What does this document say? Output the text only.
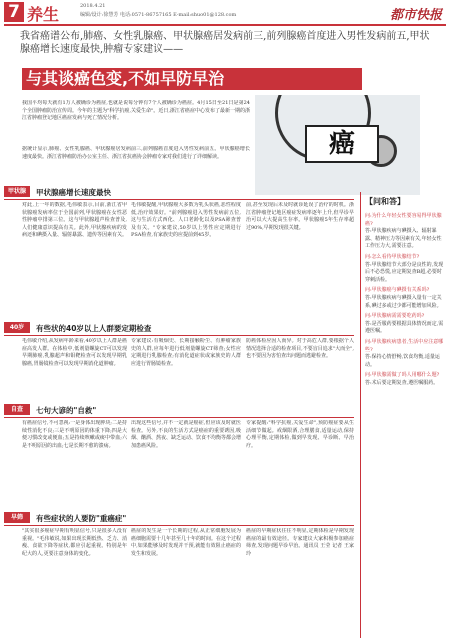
7 养生	2018.4.21
编辑/设计:徐慧芳 电话:0571-86757165 E-mail:shuo01@128.com	都市快报
我省癌谱公布,肺癌、女性乳腺癌、甲状腺癌居发病前三,前列腺癌首度进入男性发病前五,甲状腺癌增长速度最快,肿瘤专家建议——
与其谈癌色变,不如早防早治
我国平均每天就有1万人被确诊为癌症,也就是说每分钟有7个人被确诊为癌症。4月15日至21日是第24个全国肿瘤防治宣传周。今年的主题为"科学抗癌,关爱生命"。近日,浙江省癌症中心发布了最新一期的浙江省肿瘤登记地区癌症发病与死亡情况分析。
据统计显示,肺癌、女性乳腺癌、甲状腺癌居发病前三,前列腺癌首度进入男性发病前五。甲状腺癌增长速度最快。浙江省肿瘤防治办公室主任、浙江省抗癌协会肿瘤专家对我们进行了详细解读。	癌
甲状腺	甲状腺癌增长速度最快
对此,上一年的数据,毛伟敏表示,目前,浙江省甲状腺癌发病率位于全国前列,甲状腺癌在女性恶性肿瘤中排第三位。这与甲状腺超声检查普及,人们健康意识提高有关。此外,甲状腺疾病的发病还和碘摄入量、辐射暴露、遗传等因素有关。
毛伟敏提醒,甲状腺癌大多数为乳头状癌,恶性程度低,治疗效果好。"前列腺癌进入男性发病前五位,这与生活方式西化、人口老龄化以及PSA筛查普及有关。"专家建议,50岁以上男性应定期进行PSA检查,有家族史的应提前到45岁。
前,甚至发现后未及时就诊延误了治疗的时机。浙江省肿瘤登记地区癌症发病率逐年上升,但早诊早治可以大大提高生存率。甲状腺癌5年生存率超过90%,早期发现很关键。
40岁	有些状的40岁以上人群要定期检查
毛伟敏介绍,从发病年龄来看,40岁以上人群是癌症高发人群。在体检中,低剂量螺旋CT可以发现早期肺癌,乳腺超声和钼靶检查可以发现早期乳腺癌,胃肠镜检查可以发现早期消化道肿瘤。
专家建议:有吸烟史、长期接触粉尘、有肿瘤家族史的人群,应每年进行低剂量螺旋CT筛查;女性应定期进行乳腺检查;有消化道症状或家族史的人群应进行胃肠镜检查。
防癌体检应因人而异。对于高危人群,要根据个人情况选择合适的检查项目,不要盲目追求"大而全",也不要因为害怕查出问题而逃避检查。
自查	七句大谚的"自救"
有癌症信号,不可忽视:一是身体出现肿块;二是持续性消化不良;三是不明原因的体重下降;四是大便习惯改变或便血;五是持续咳嗽或痰中带血;六是不明原因的出血;七是长期不愈的溃疡。
出现这些信号,并不一定就是癌症,但应该及时就医检查。另外,不良的生活方式是癌症的重要诱因,吸烟、酗酒、熬夜、缺乏运动、饮食不均衡等都会增加患癌风险。
专家提醒:"科学抗癌,关爱生命",预防癌症要从生活细节做起。戒烟限酒,合理膳食,适量运动,保持心理平衡,定期体检,做到早发现、早诊断、早治疗。
早筛	有些症状的人要防"重癌症"
"其实很多癌症早期有明显信号,只是很多人没有重视。"毛伟敏说,如果出现长期低热、乏力、消瘦、食欲下降等症状,都应引起重视。特别是年纪大的人,更要注意身体的变化。
癌症的发生是一个长期的过程,从正常细胞发展为癌细胞需要十几年甚至几十年的时间。在这个过程中,如果能够及时发现并干预,就能有效阻止癌症的发生和发展。
癌症的早期症状往往不明显,定期体检是早期发现癌症的最有效途径。专家建议大家积极参加癌症筛查,发现问题早诊早治。通讯员 王莹 记者 王家玲
【问和答】
问:为什么年轻女性要容易得甲状腺癌?
答:甲状腺疾病与碘摄入、辐射暴露、精神压力等因素有关,年轻女性工作压力大,需要注意。
问:怎么看待甲状腺结节?
答:甲状腺结节大部分是良性的,发现后不必恐慌,应定期复查B超,必要时穿刺活检。
问:甲状腺癌与碘摄有关系吗?
答:甲状腺疾病与碘摄入量有一定关系,碘过多或过少都可能增加风险。
问:甲状腺病需需要吃药吗?
答:是否服药要根据具体情况而定,需遵医嘱。
问:甲状腺疾病患者,生活中应注意哪些?
答:保持心情舒畅,饮食均衡,适量运动。
问:甲状腺需做了吗人用哪什么题?
答:术后要定期复查,遵医嘱服药。
